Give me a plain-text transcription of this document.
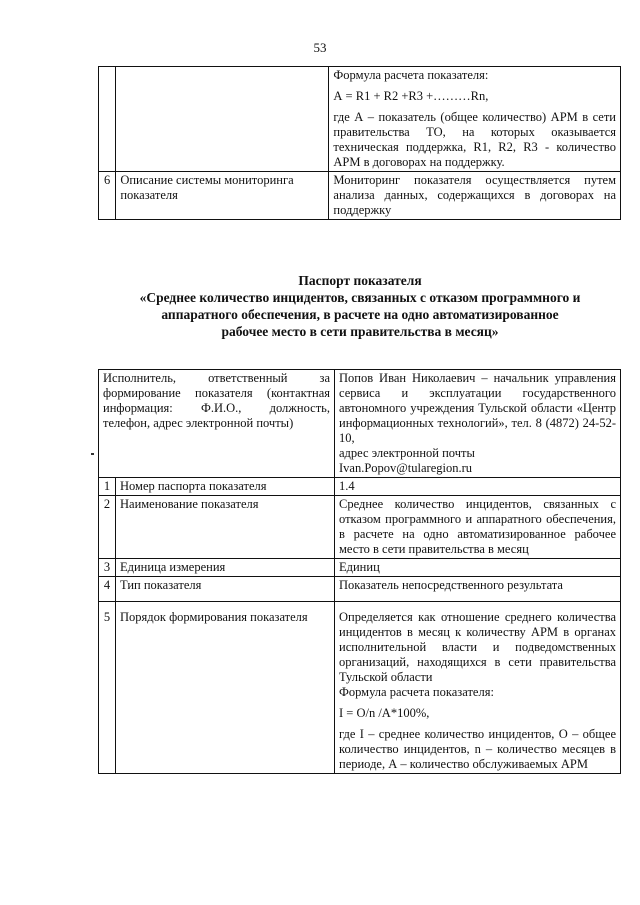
53

		Формула расчета показателя:
А = R1 + R2 +R3 +………Rn,
где А – показатель (общее количество) АРМ в сети правительства ТО, на которых оказывается техническая поддержка, R1, R2, R3 - количество АРМ в договорах на поддержку.

6	Описание системы мониторинга показателя	Мониторинг показателя осуществляется путем анализа данных, содержащихся в договорах на поддержку
Паспорт показателя
«Среднее количество инцидентов, связанных с отказом программного и
аппаратного обеспечения, в расчете на одно автоматизированное
рабочее место в сети правительства в месяц»
Исполнитель, ответственный за формирование показателя (контактная информация: Ф.И.О., должность, телефон, адрес электронной почты)		Попов Иван Николаевич – начальник управления сервиса и эксплуатации государственного автономного учреждения Тульской области «Центр информационных технологий», тел. 8 (4872) 24-52-10,
адрес электронной почты
Ivan.Popov@tularegion.ru

1	Номер паспорта показателя	1.4
2	Наименование показателя	Среднее количество инцидентов, связанных с отказом программного и аппаратного обеспечения, в расчете на одно автоматизированное рабочее место в сети правительства в месяц
3	Единица измерения	Единиц
4	Тип показателя	Показатель непосредственного результата
5	Порядок формирования показателя	Определяется как отношение среднего количества инцидентов в месяц к количеству АРМ в органах исполнительной власти и подведомственных организаций, находящихся в сети правительства Тульской области
Формула расчета показателя:
I = O/n /A*100%,
где I – среднее количество инцидентов, О – общее количество инцидентов, n – количество месяцев в периоде, А – количество обслуживаемых АРМ
